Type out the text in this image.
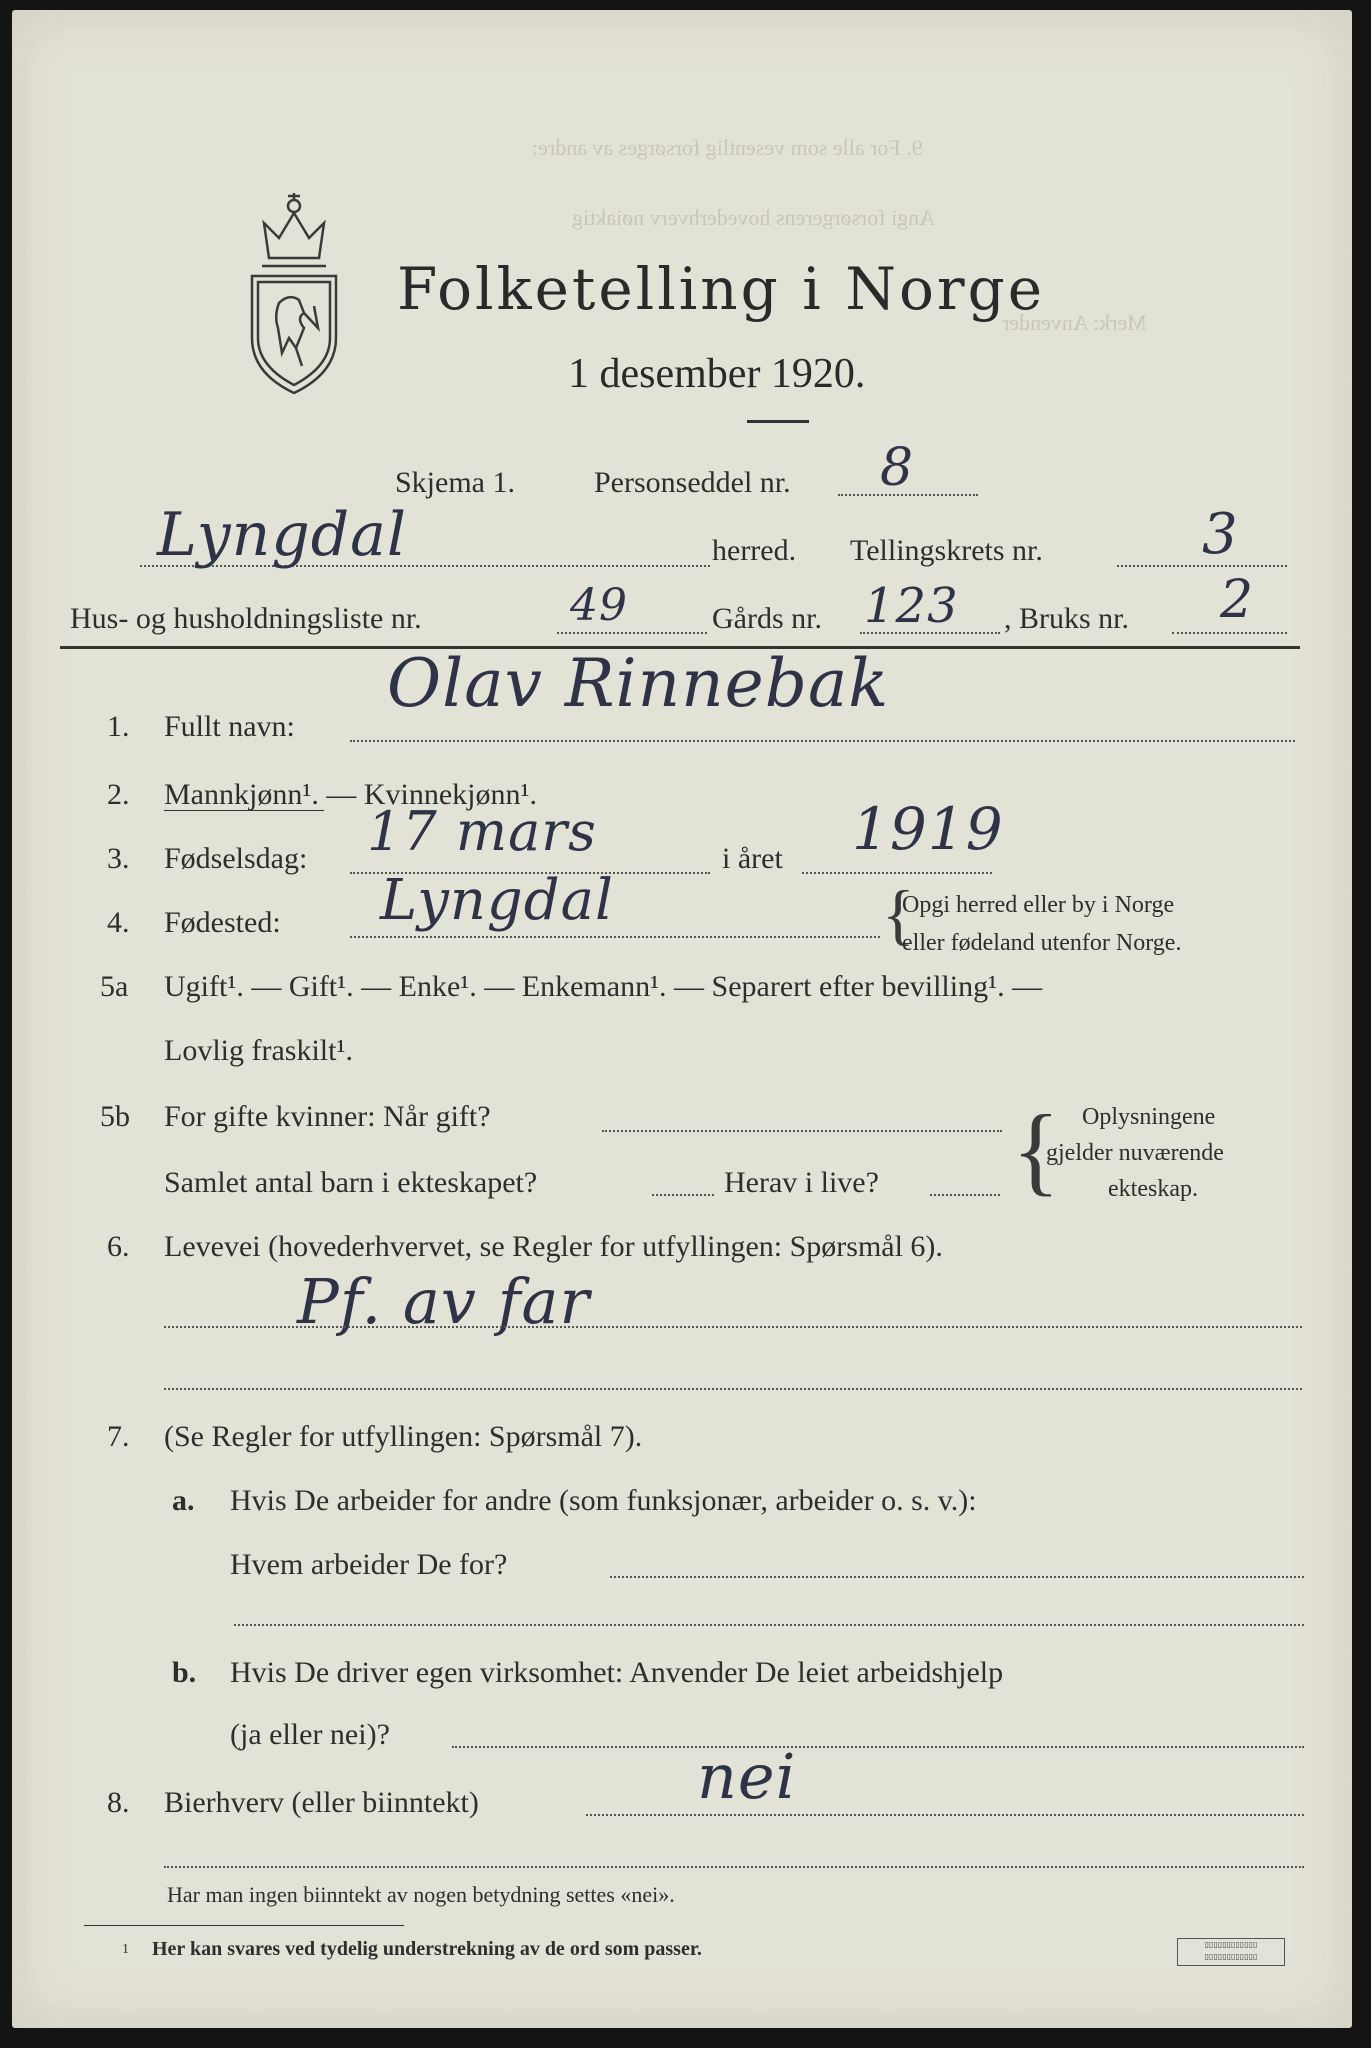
9. For alle som vesentlig forsørges av andre:
Angi forsørgerens hovederhverv nøiaktig
Merk: Anvender
Folketelling i Norge
1 desember 1920.
Skjema 1.	Personseddel nr. 8
Lyngdal	herred. Tellingskrets nr.	3
Hus- og husholdningsliste nr.	49	Gårds nr. 123 , Bruks nr. 2
1. Fullt navn:
Olav Rinnebak
2. Mannkjønn¹. — Kvinnekjønn¹.
3. Fødselsdag: 17 mars	i året 1919
4. Fødested: Lyngdal	{
Opgi herred eller by i Norge
eller fødeland utenfor Norge.
5a Ugift¹. — Gift¹. — Enke¹. — Enkemann¹. — Separert efter bevilling¹. —
Lovlig fraskilt¹.
5b For gifte kvinner: Når gift?
Samlet antal barn i ekteskapet?	Herav i live? { Oplysningene
gjelder nuværende
ekteskap.
6. Levevei (hovederhvervet, se Regler for utfyllingen: Spørsmål 6).
Pf. av far
7. (Se Regler for utfyllingen: Spørsmål 7).
a. Hvis De arbeider for andre (som funksjonær, arbeider o. s. v.):
Hvem arbeider De for?
b. Hvis De driver egen virksomhet: Anvender De leiet arbeidshjelp
(ja eller nei)?
8. Bierhverv (eller biinntekt)	nei
Har man ingen biinntekt av nogen betydning settes «nei».
1 Her kan svares ved tydelig understrekning av de ord som passer.	▯▯▯▯▯▯▯▯▯▯▯▯
▯▯▯▯▯▯▯▯▯▯▯▯
